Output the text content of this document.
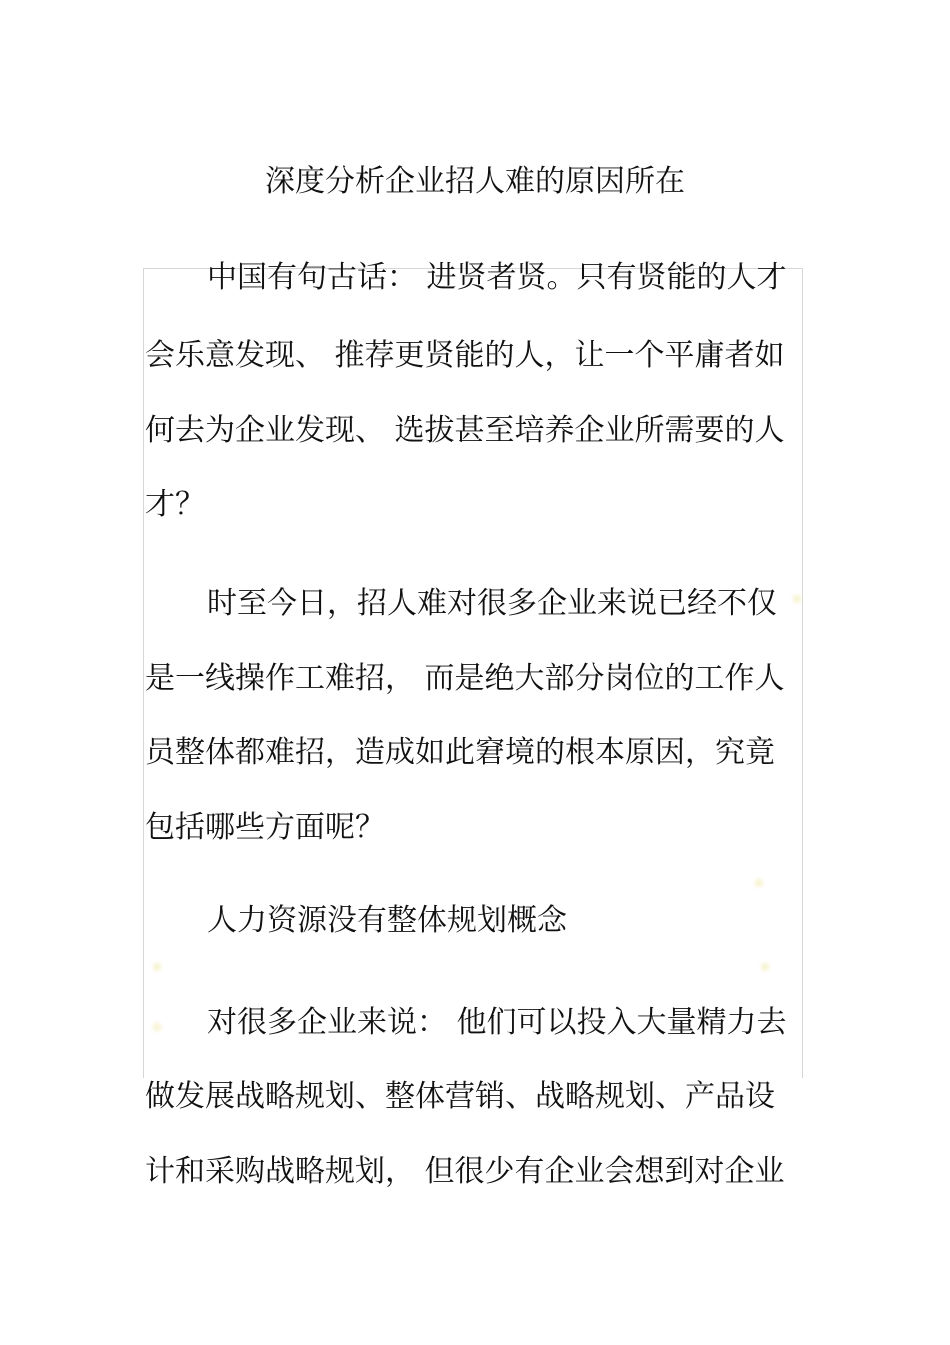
深度分析企业招人难的原因所在

中国有句古话： 进贤者贤。只有贤能的人才

会乐意发现、 推荐更贤能的人，让一个平庸者如

何去为企业发现、 选拔甚至培养企业所需要的人

才？

时至今日，招人难对很多企业来说已经不仅

是一线操作工难招， 而是绝大部分岗位的工作人

员整体都难招，造成如此窘境的根本原因，究竟

包括哪些方面呢？

人力资源没有整体规划概念

对很多企业来说： 他们可以投入大量精力去

做发展战略规划、整体营销、战略规划、产品设

计和采购战略规划， 但很少有企业会想到对企业
